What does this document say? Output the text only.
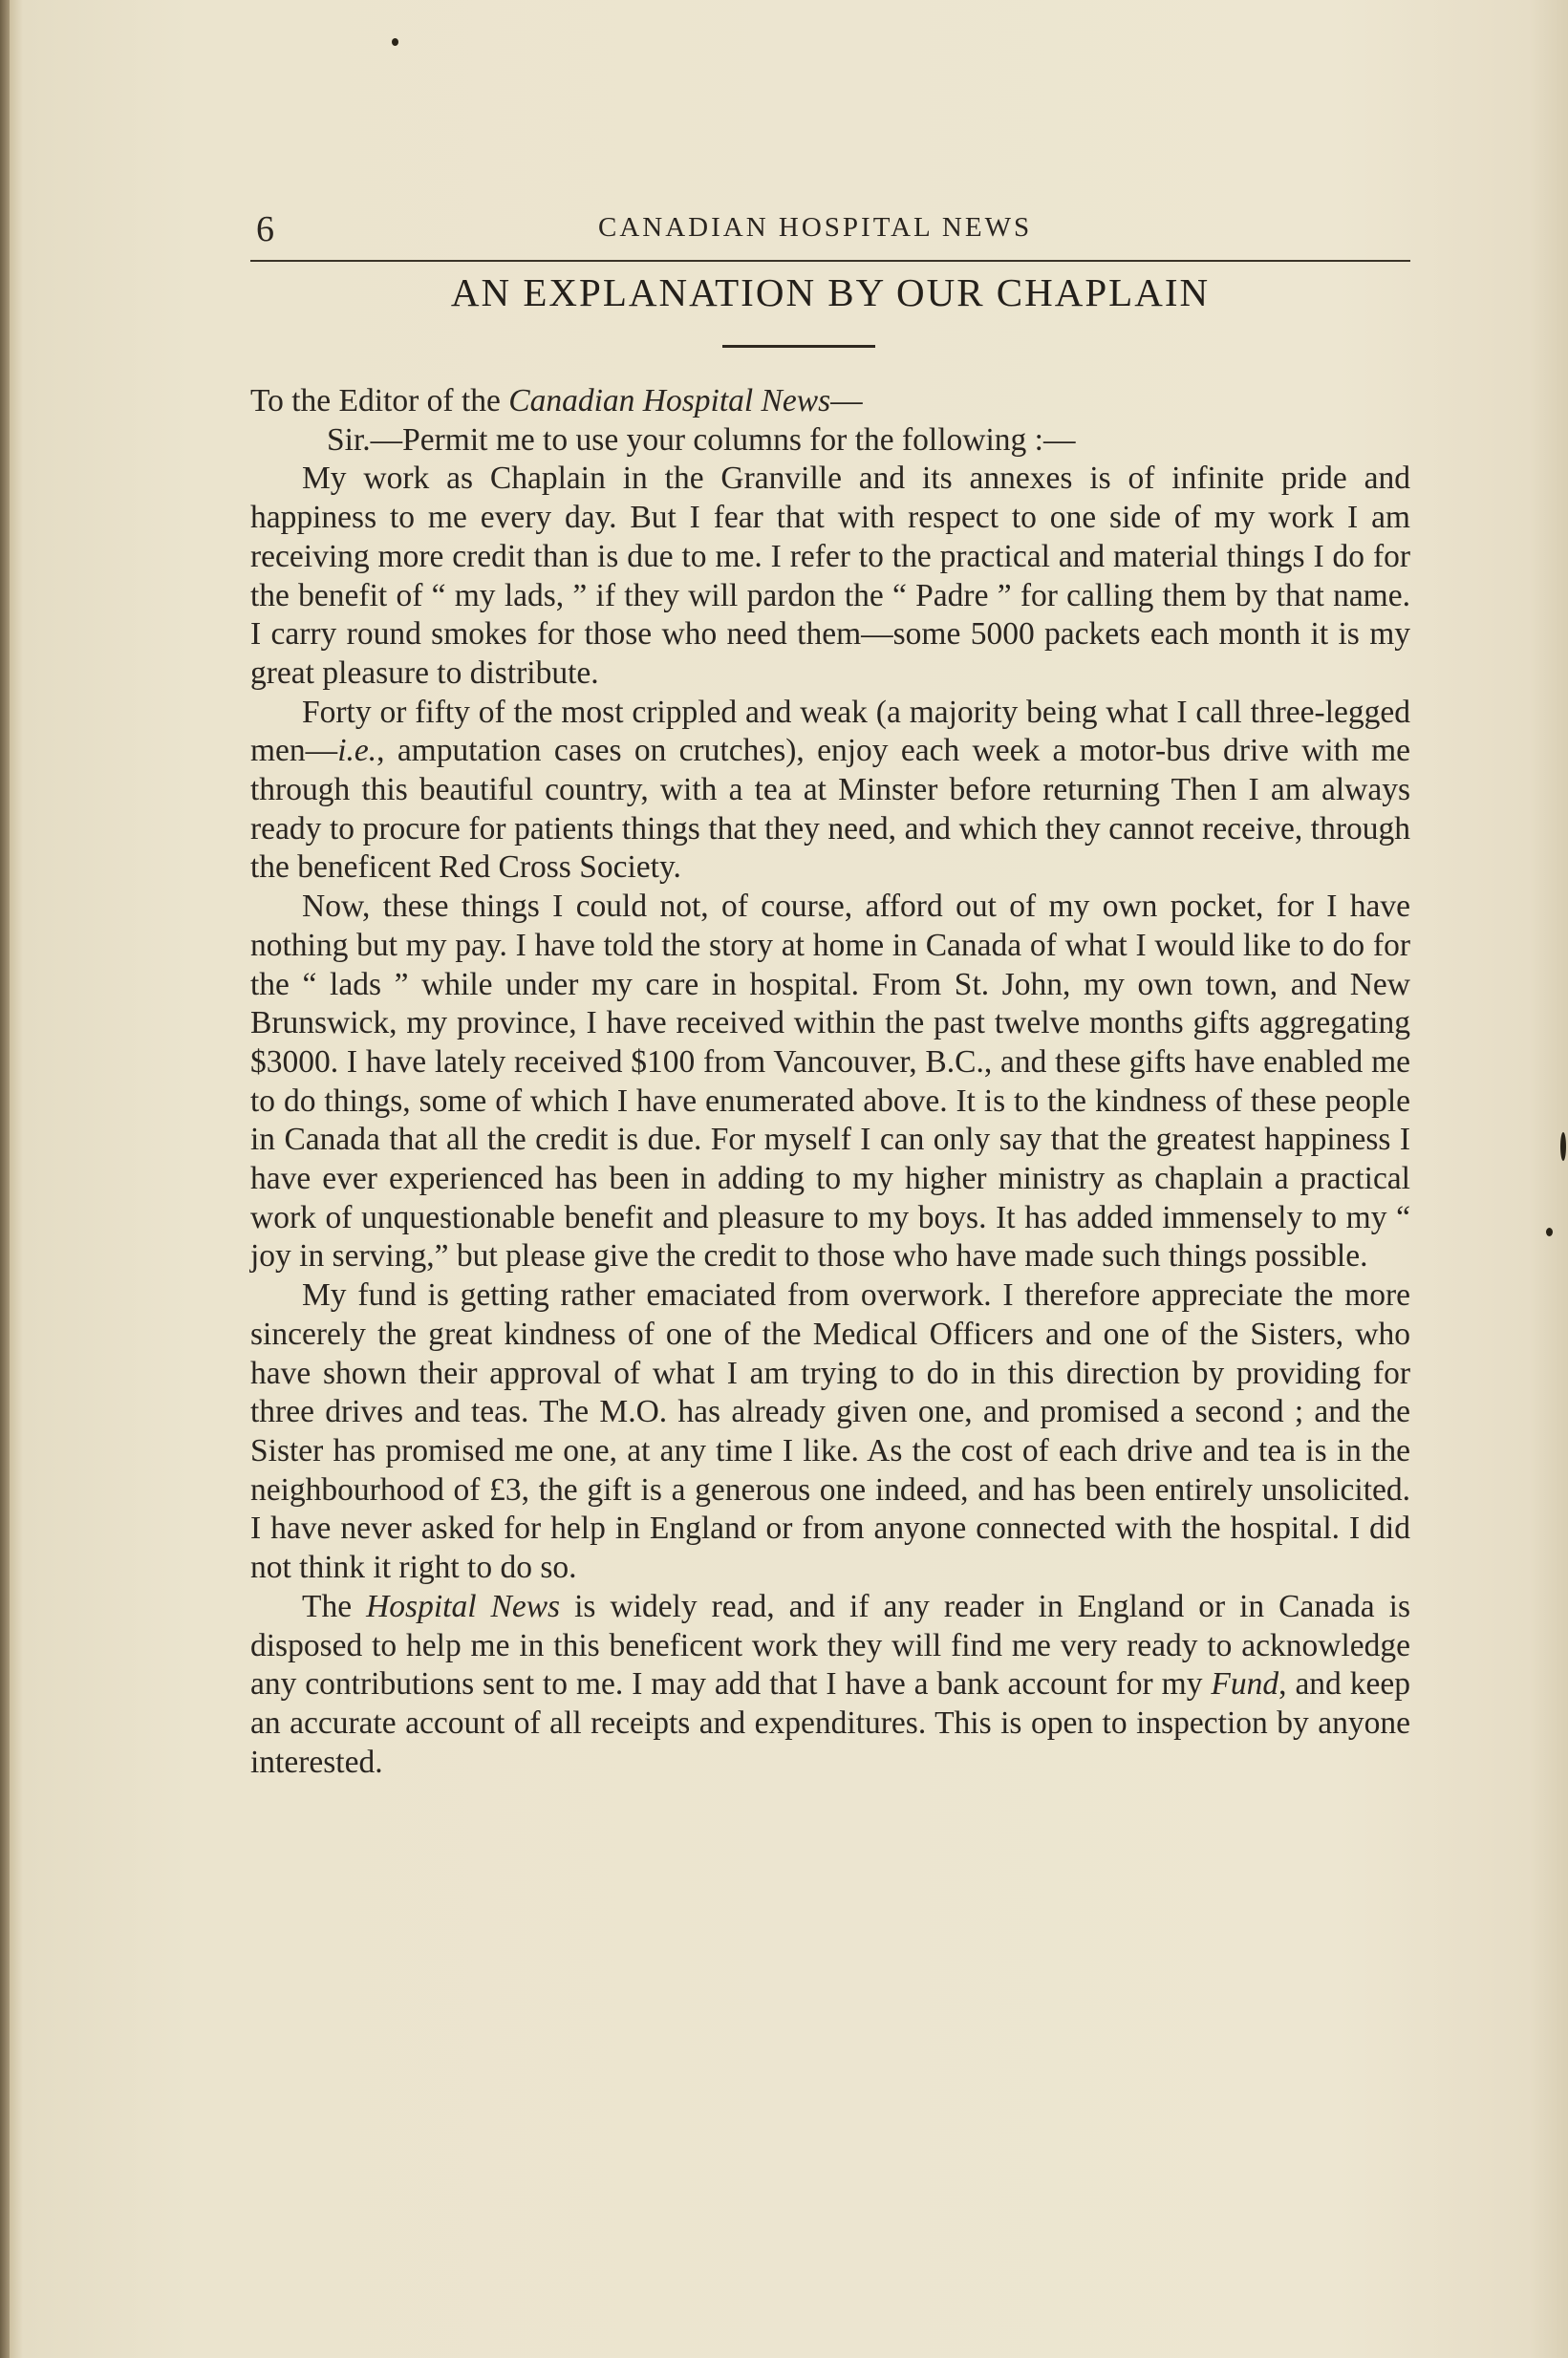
6	CANADIAN HOSPITAL NEWS
AN EXPLANATION BY OUR CHAPLAIN

To the Editor of the Canadian Hospital News—

Sir.—Permit me to use your columns for the following :—

My work as Chaplain in the Granville and its annexes is of infinite pride and happiness to me every day. But I fear that with respect to one side of my work I am receiving more credit than is due to me. I refer to the practical and material things I do for the benefit of “ my lads, ” if they will pardon the “ Padre ” for calling them by that name. I carry round smokes for those who need them—some 5000 packets each month it is my great pleasure to distribute.

Forty or fifty of the most crippled and weak (a majority being what I call three-legged men—i.e., amputation cases on crutches), enjoy each week a motor-bus drive with me through this beautiful country, with a tea at Minster before returning Then I am always ready to procure for patients things that they need, and which they cannot receive, through the beneficent Red Cross Society.

Now, these things I could not, of course, afford out of my own pocket, for I have nothing but my pay. I have told the story at home in Canada of what I would like to do for the “ lads ” while under my care in hospital. From St. John, my own town, and New Brunswick, my province, I have received within the past twelve months gifts aggregating $3000. I have lately received $100 from Vancouver, B.C., and these gifts have enabled me to do things, some of which I have enumerated above. It is to the kindness of these people in Canada that all the credit is due. For myself I can only say that the greatest happiness I have ever experienced has been in adding to my higher ministry as chaplain a practical work of unquestionable benefit and pleasure to my boys. It has added immensely to my “ joy in serving,” but please give the credit to those who have made such things possible.

My fund is getting rather emaciated from overwork. I therefore appreciate the more sincerely the great kindness of one of the Medical Officers and one of the Sisters, who have shown their approval of what I am trying to do in this direction by providing for three drives and teas. The M.O. has already given one, and promised a second ; and the Sister has promised me one, at any time I like. As the cost of each drive and tea is in the neighbourhood of £3, the gift is a generous one indeed, and has been entirely unsolicited. I have never asked for help in England or from anyone connected with the hospital. I did not think it right to do so.

The Hospital News is widely read, and if any reader in England or in Canada is disposed to help me in this beneficent work they will find me very ready to acknowledge any contributions sent to me. I may add that I have a bank account for my Fund, and keep an accurate account of all receipts and expenditures. This is open to inspection by anyone interested.
